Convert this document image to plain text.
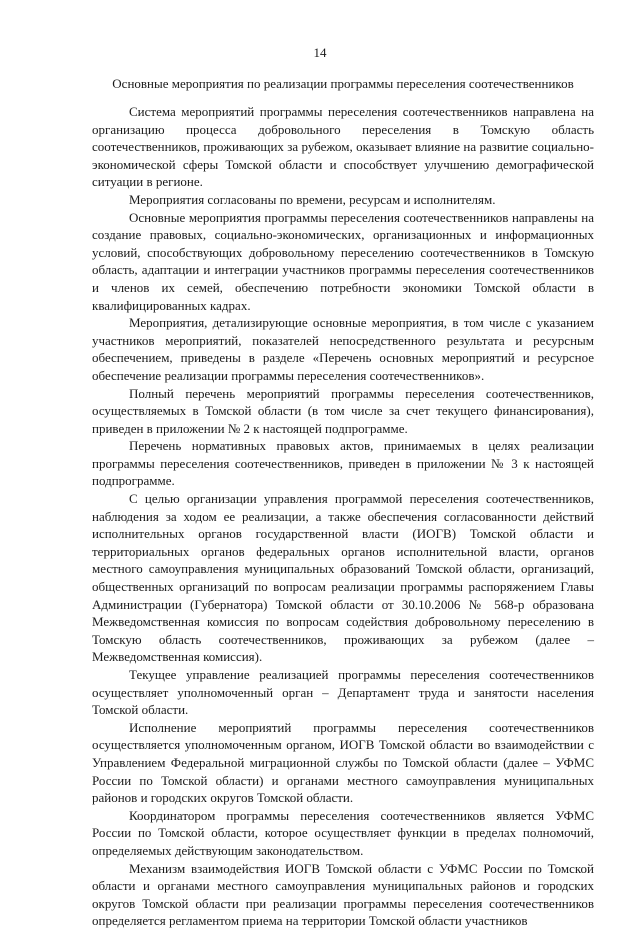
14
Основные мероприятия по реализации программы переселения соотечественников

Система мероприятий программы переселения соотечественников направлена на организацию процесса добровольного переселения в Томскую область соотечественников, проживающих за рубежом, оказывает влияние на развитие социально-экономической сферы Томской области и способствует улучшению демографической ситуации в регионе.

Мероприятия согласованы по времени, ресурсам и исполнителям.

Основные мероприятия программы переселения соотечественников направлены на создание правовых, социально-экономических, организационных и информационных условий, способствующих добровольному переселению соотечественников в Томскую область, адаптации и интеграции участников программы переселения соотечественников и членов их семей, обеспечению потребности экономики Томской области в квалифицированных кадрах.

Мероприятия, детализирующие основные мероприятия, в том числе с указанием участников мероприятий, показателей непосредственного результата и ресурсным обеспечением, приведены в разделе «Перечень основных мероприятий и ресурсное обеспечение реализации программы переселения соотечественников».

Полный перечень мероприятий программы переселения соотечественников, осуществляемых в Томской области (в том числе за счет текущего финансирования), приведен в приложении № 2 к настоящей подпрограмме.

Перечень нормативных правовых актов, принимаемых в целях реализации программы переселения соотечественников, приведен в приложении № 3 к настоящей подпрограмме.

С целью организации управления программой переселения соотечественников, наблюдения за ходом ее реализации, а также обеспечения согласованности действий исполнительных органов государственной власти (ИОГВ) Томской области и территориальных органов федеральных органов исполнительной власти, органов местного самоуправления муниципальных образований Томской области, организаций, общественных организаций по вопросам реализации программы распоряжением Главы Администрации (Губернатора) Томской области от 30.10.2006 № 568-р образована Межведомственная комиссия по вопросам содействия добровольному переселению в Томскую область соотечественников, проживающих за рубежом (далее – Межведомственная комиссия).

Текущее управление реализацией программы переселения соотечественников осуществляет уполномоченный орган – Департамент труда и занятости населения Томской области.

Исполнение мероприятий программы переселения соотечественников осуществляется уполномоченным органом, ИОГВ Томской области во взаимодействии с Управлением Федеральной миграционной службы по Томской области (далее – УФМС России по Томской области) и органами местного самоуправления муниципальных районов и городских округов Томской области.

Координатором программы переселения соотечественников является УФМС России по Томской области, которое осуществляет функции в пределах полномочий, определяемых действующим законодательством.

Механизм взаимодействия ИОГВ Томской области с УФМС России по Томской области и органами местного самоуправления муниципальных районов и городских округов Томской области при реализации программы переселения соотечественников определяется регламентом приема на территории Томской области участников
